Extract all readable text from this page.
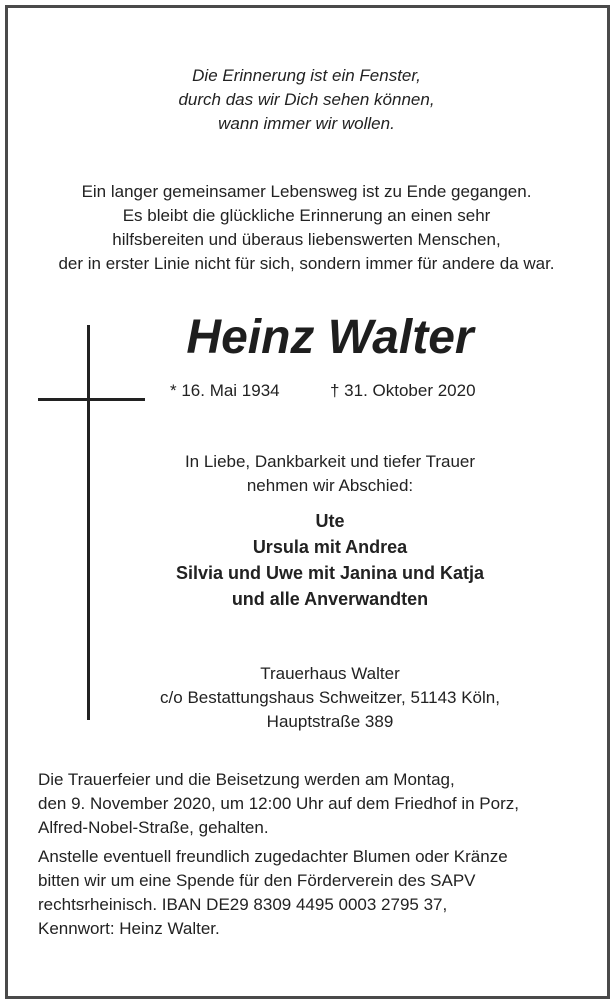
Die Erinnerung ist ein Fenster,
durch das wir Dich sehen können,
wann immer wir wollen.
Ein langer gemeinsamer Lebensweg ist zu Ende gegangen.
Es bleibt die glückliche Erinnerung an einen sehr
hilfsbereiten und überaus liebenswerten Menschen,
der in erster Linie nicht für sich, sondern immer für andere da war.
Heinz Walter
* 16. Mai 1934	† 31. Oktober 2020
In Liebe, Dankbarkeit und tiefer Trauer
nehmen wir Abschied:
Ute
Ursula mit Andrea
Silvia und Uwe mit Janina und Katja
und alle Anverwandten
Trauerhaus Walter
c/o Bestattungshaus Schweitzer, 51143 Köln,
Hauptstraße 389
Die Trauerfeier und die Beisetzung werden am Montag,
den 9. November 2020, um 12:00 Uhr auf dem Friedhof in Porz,
Alfred-Nobel-Straße, gehalten.
Anstelle eventuell freundlich zugedachter Blumen oder Kränze
bitten wir um eine Spende für den Förderverein des SAPV
rechtsrheinisch. IBAN DE29 8309 4495 0003 2795 37,
Kennwort: Heinz Walter.
